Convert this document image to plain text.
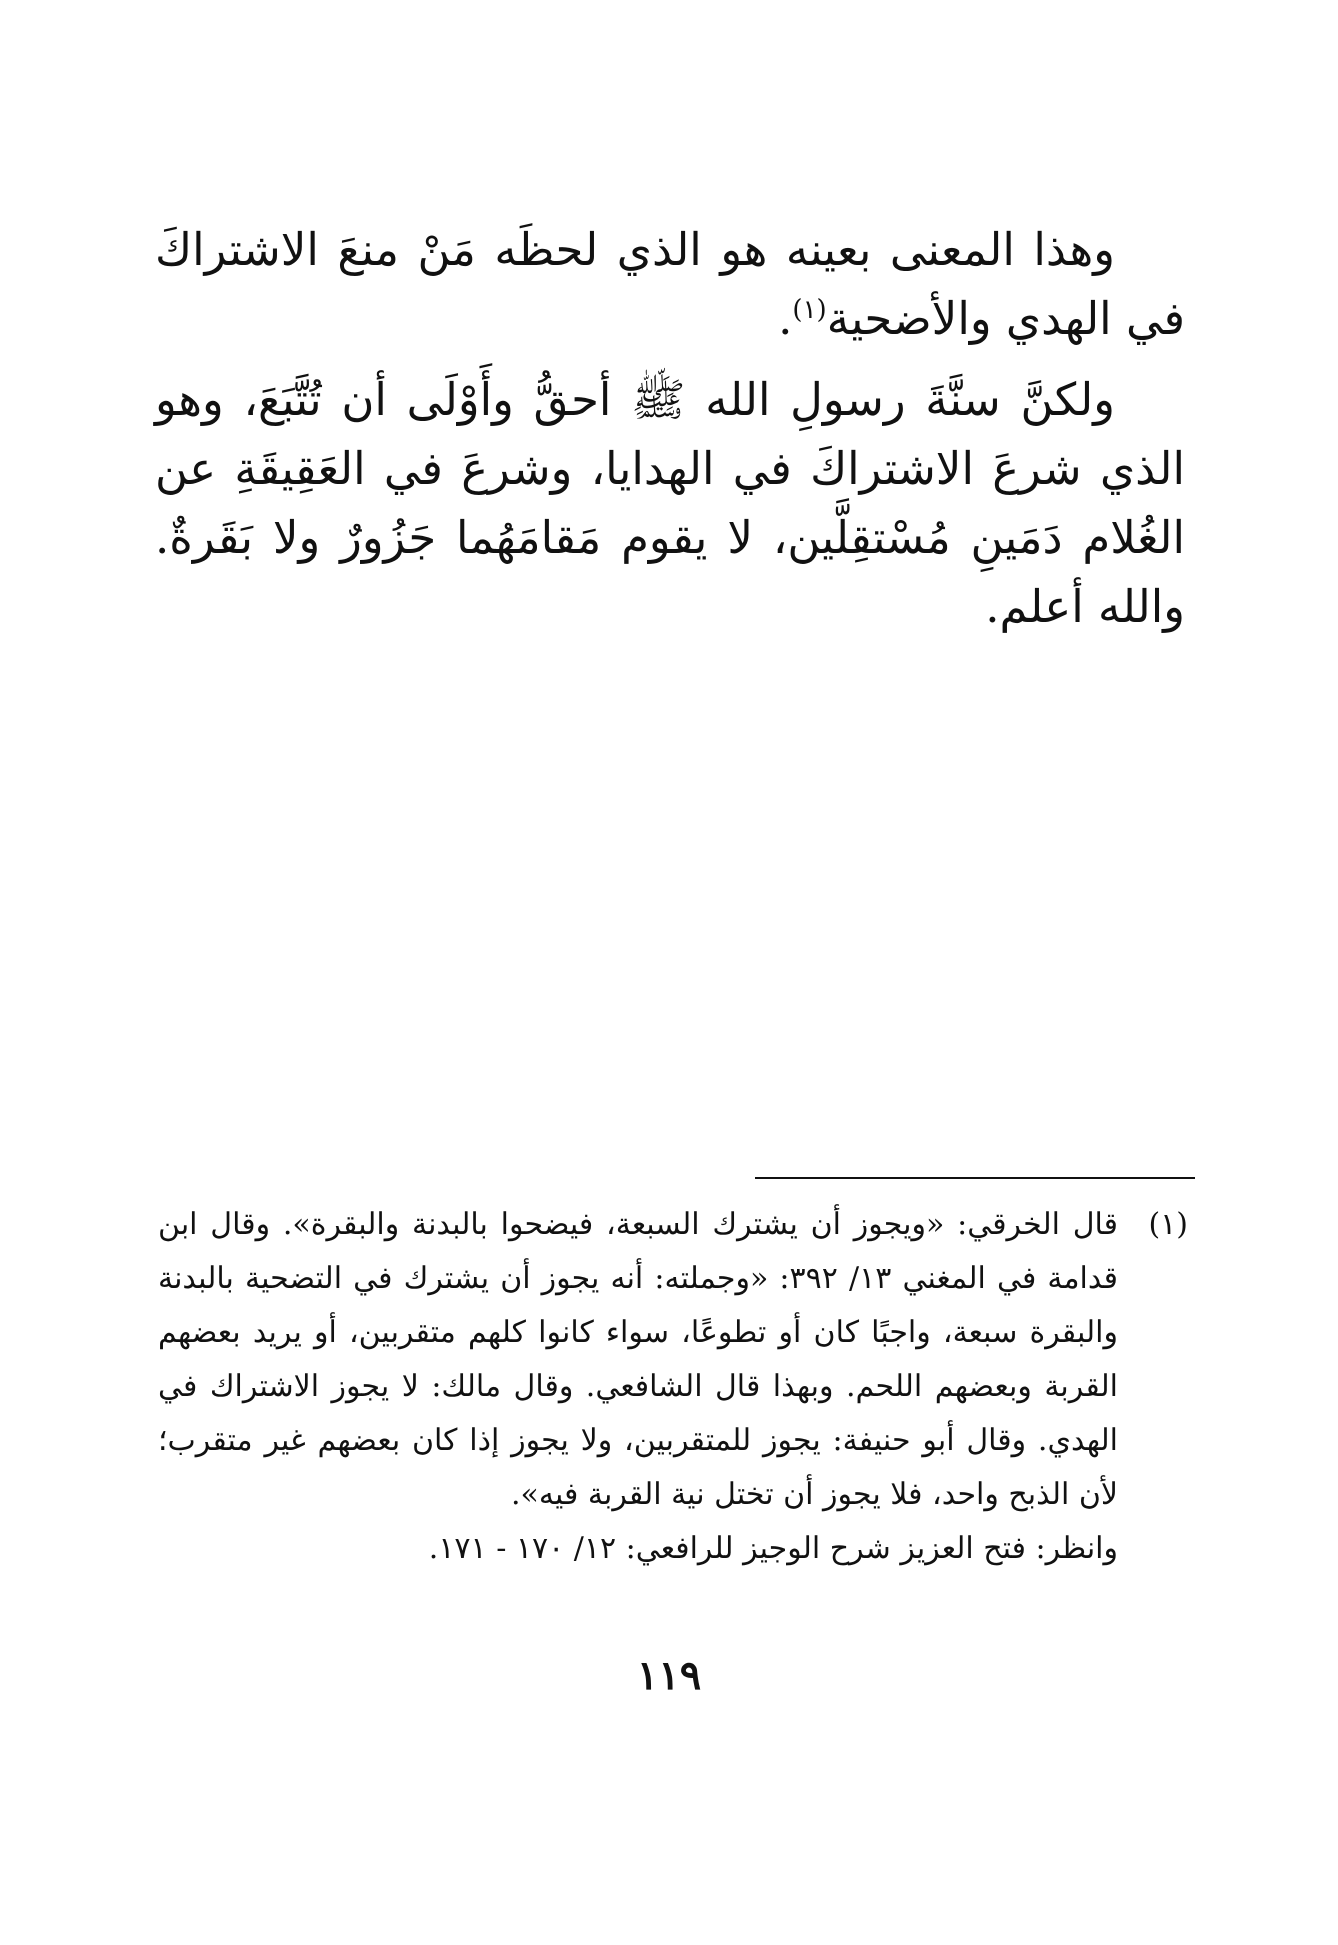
وهذا المعنى بعينه هو الذي لحظَه مَنْ منعَ الاشتراكَ في الهدي والأضحية$^{(١)}$.

ولكنَّ سنَّةَ رسولِ الله ﷺ أحقُّ وأَوْلَى أن تُتَّبَعَ، وهو الذي شرعَ الاشتراكَ في الهدايا، وشرعَ في العَقِيقَةِ عن الغُلام دَمَينِ مُسْتقِلَّين، لا يقوم مَقامَهُما جَزُورٌ ولا بَقَرةٌ. والله أعلم.

(١)

قال الخرقي: «ويجوز أن يشترك السبعة، فيضحوا بالبدنة والبقرة». وقال ابن قدامة في المغني ١٣/ ٣٩٢: «وجملته: أنه يجوز أن يشترك في التضحية بالبدنة والبقرة سبعة، واجبًا كان أو تطوعًا، سواء كانوا كلهم متقربين، أو يريد بعضهم القربة وبعضهم اللحم. وبهذا قال الشافعي. وقال مالك: لا يجوز الاشتراك في الهدي. وقال أبو حنيفة: يجوز للمتقربين، ولا يجوز إذا كان بعضهم غير متقرب؛ لأن الذبح واحد، فلا يجوز أن تختل نية القربة فيه».

وانظر: فتح العزيز شرح الوجيز للرافعي: ١٢/ ١٧٠ - ١٧١.

١١٩
